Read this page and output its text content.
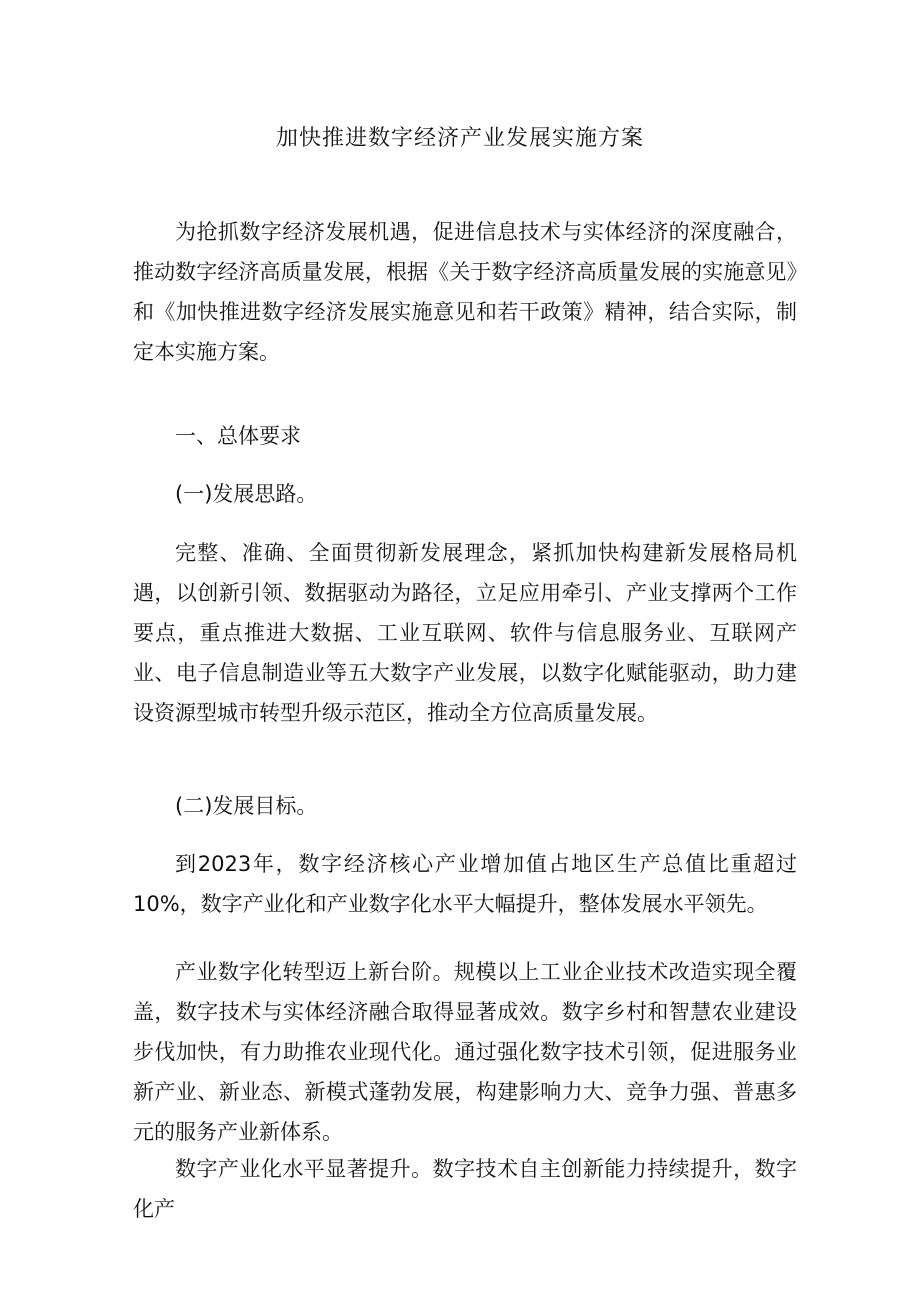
加快推进数字经济产业发展实施方案

为抢抓数字经济发展机遇，促进信息技术与实体经济的深度融合，推动数字经济高质量发展，根据《关于数字经济高质量发展的实施意见》和《加快推进数字经济发展实施意见和若干政策》精神，结合实际，制定本实施方案。

一、总体要求
(一)发展思路。

完整、准确、全面贯彻新发展理念，紧抓加快构建新发展格局机遇，以创新引领、数据驱动为路径，立足应用牵引、产业支撑两个工作要点，重点推进大数据、工业互联网、软件与信息服务业、互联网产业、电子信息制造业等五大数字产业发展，以数字化赋能驱动，助力建设资源型城市转型升级示范区，推动全方位高质量发展。

(二)发展目标。

到2023年，数字经济核心产业增加值占地区生产总值比重超过10%，数字产业化和产业数字化水平大幅提升，整体发展水平领先。

产业数字化转型迈上新台阶。规模以上工业企业技术改造实现全覆盖，数字技术与实体经济融合取得显著成效。数字乡村和智慧农业建设步伐加快，有力助推农业现代化。通过强化数字技术引领，促进服务业新产业、新业态、新模式蓬勃发展，构建影响力大、竞争力强、普惠多元的服务产业新体系。

数字产业化水平显著提升。数字技术自主创新能力持续提升，数字化产
